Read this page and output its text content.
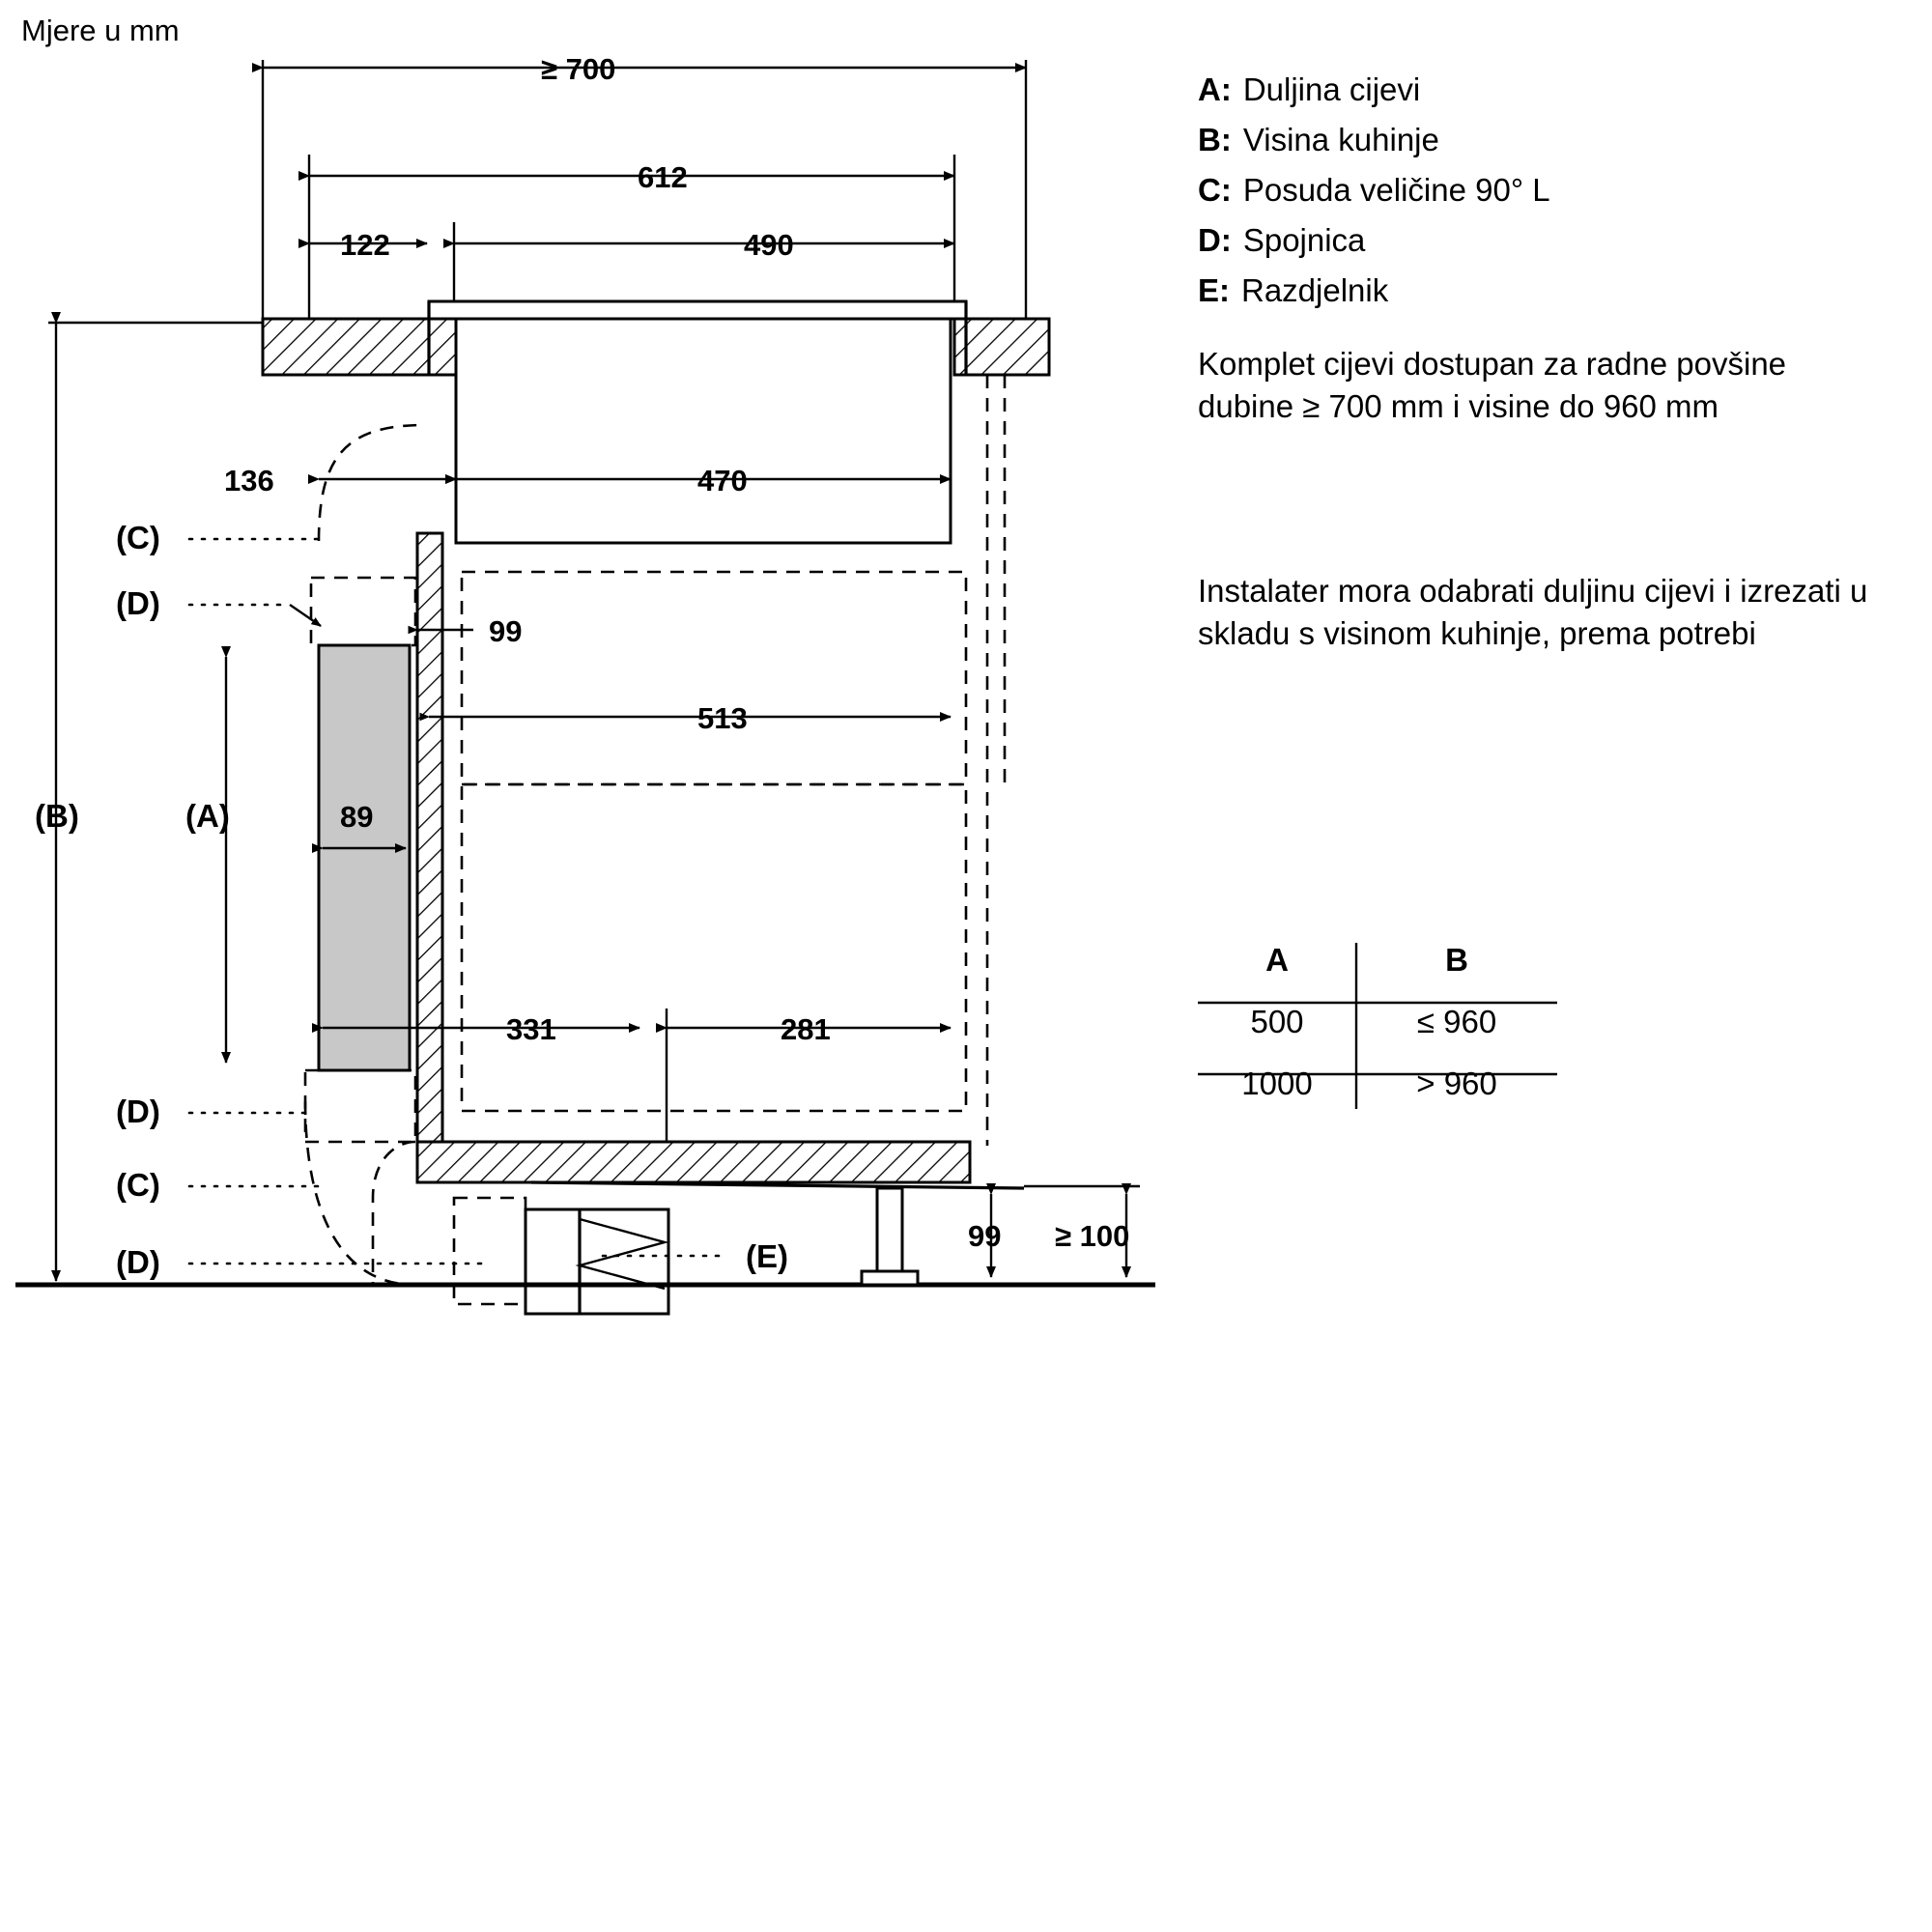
Mjere u mm
≥ 700
612
122	490
136	470
(C)
(D)
99
513
(B)	(A)	89
331	281
(D)
(C)
(D)	(E)
99 ≥ 100
A: Duljina cijevi
B: Visina kuhinje
C: Posuda veličine 90° L
D: Spojnica
E: Razdjelnik
Komplet cijevi dostupan za radne povšine dubine ≥ 700 mm i visine do 960 mm
Instalater mora odabrati duljinu cijevi i izrezati u skladu s visinom kuhinje, prema potrebi
A	B
500	≤ 960
1000	> 960
